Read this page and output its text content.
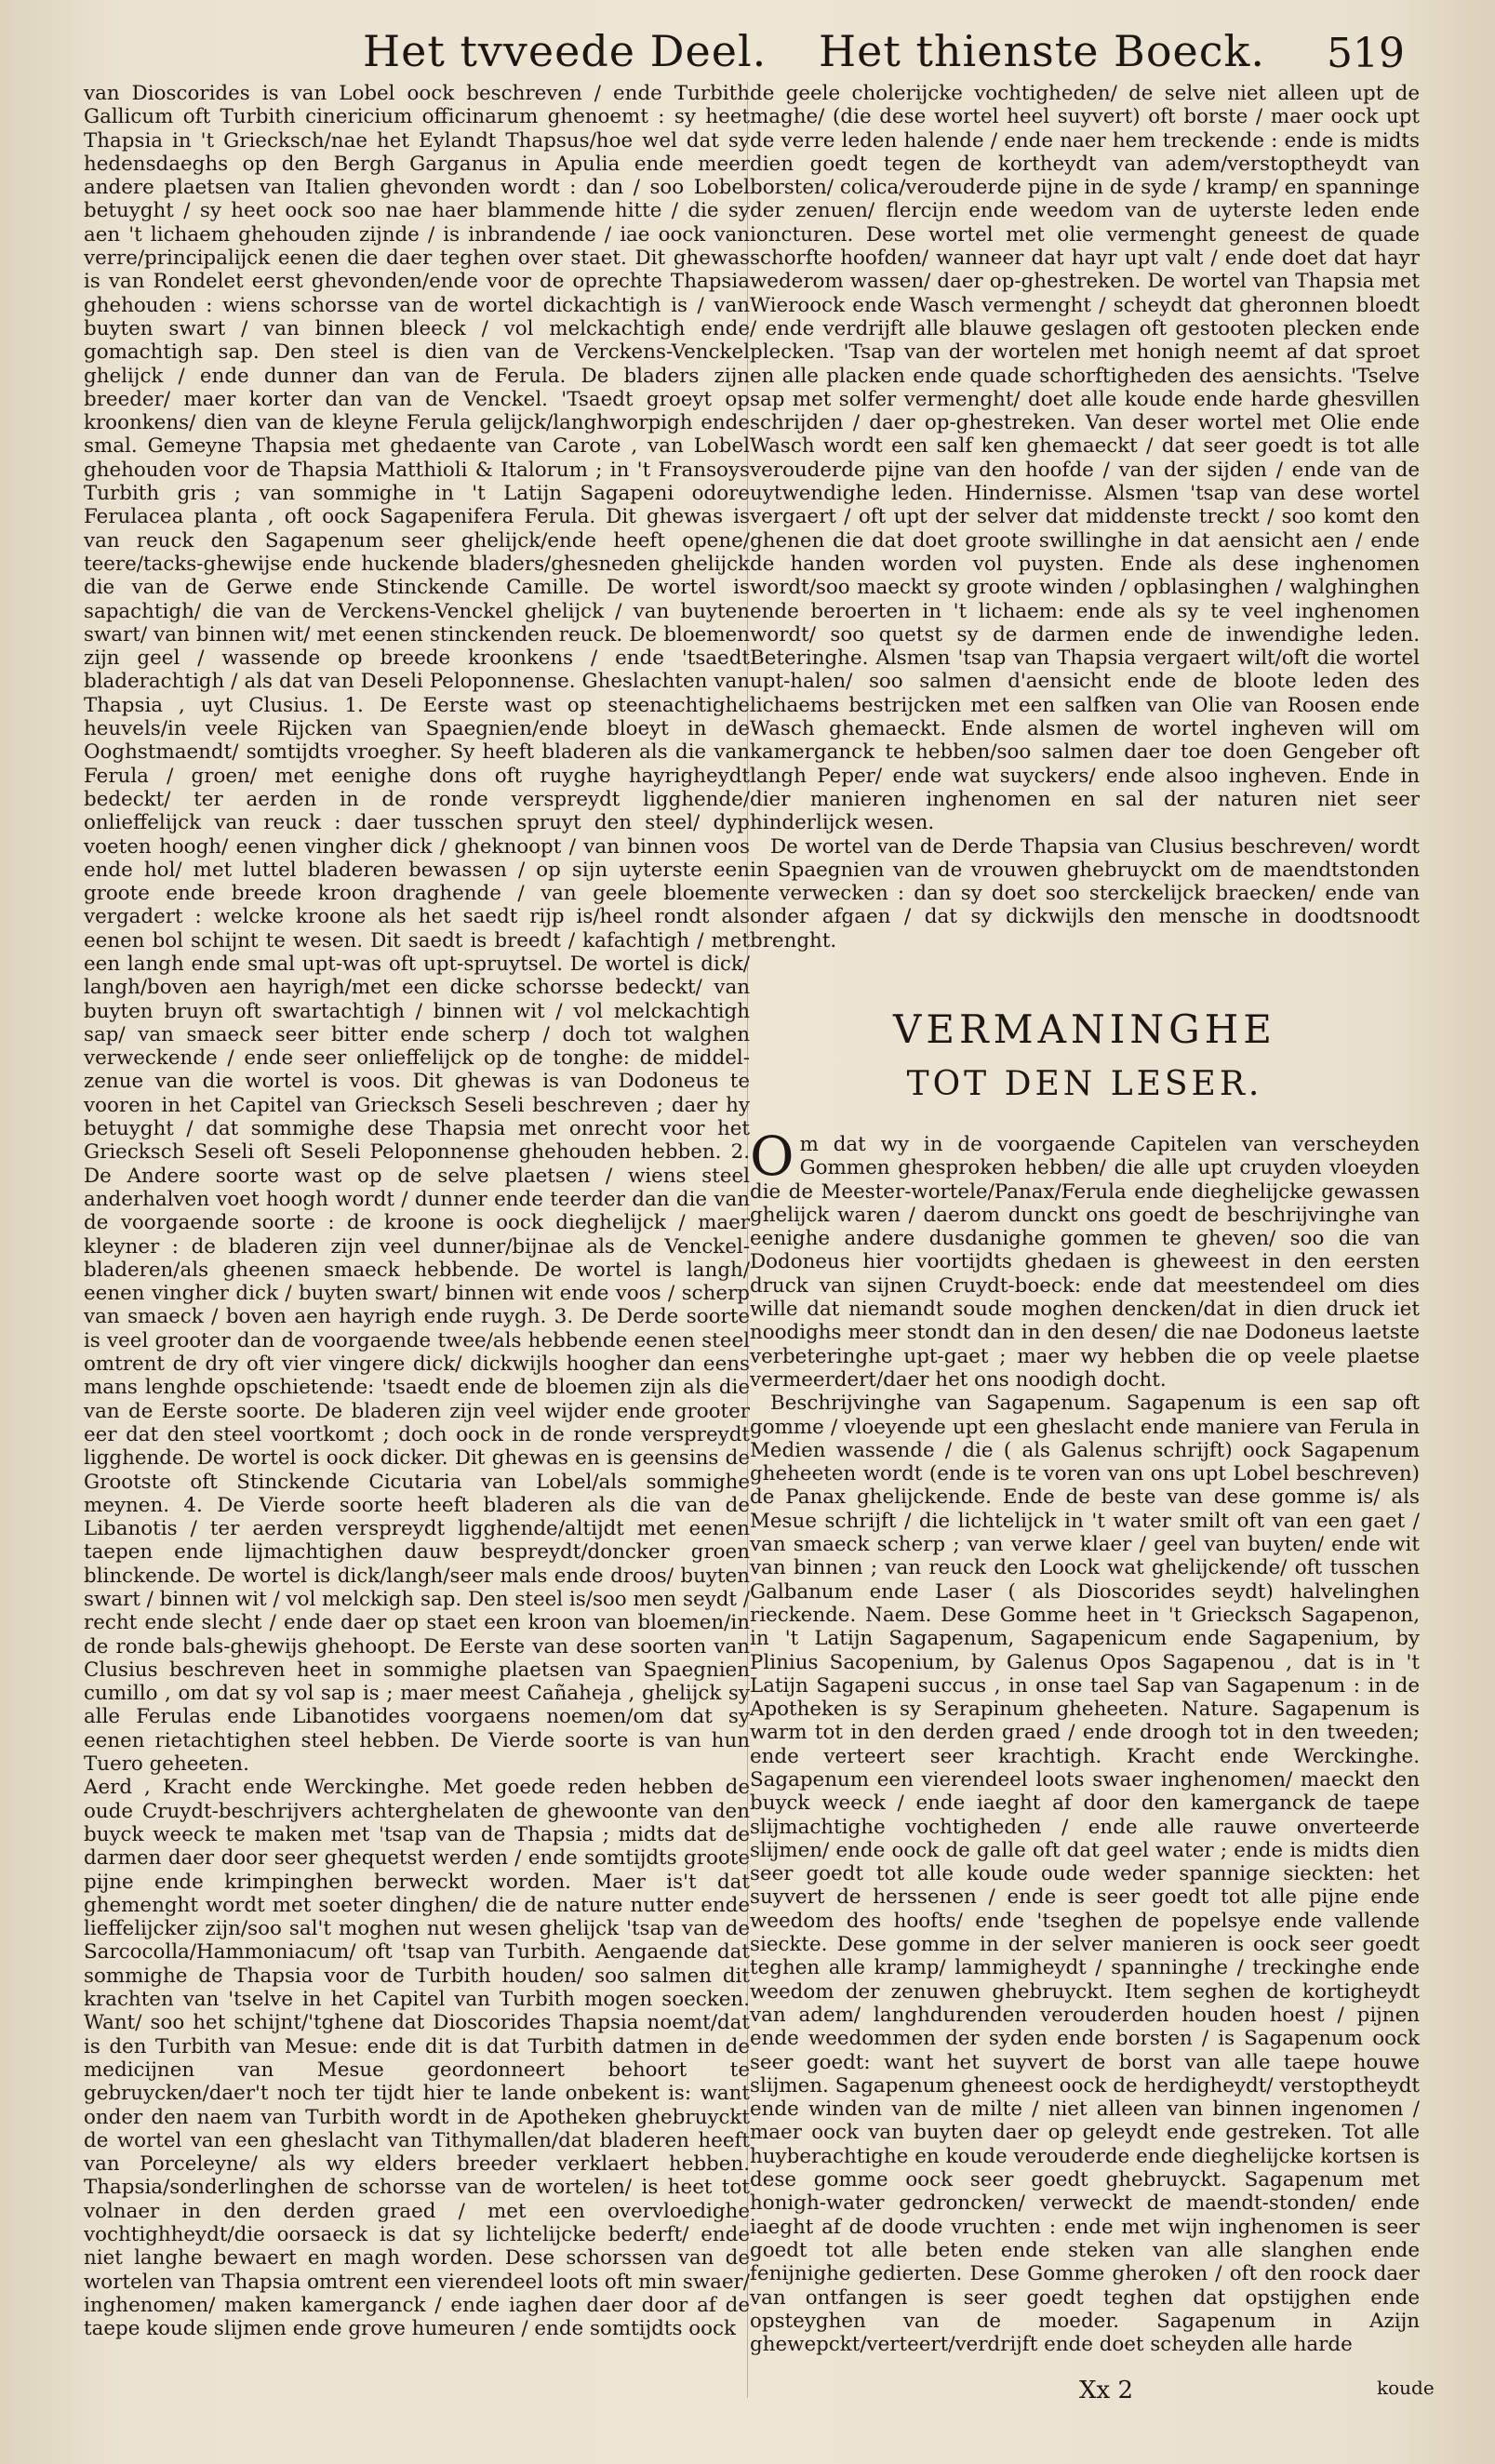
Het tvveede Deel. Het thienste Boeck. 519

van Dioscorides is van Lobel oock beschreven / ende Turbith Gallicum oft Turbith cinericium officinarum ghenoemt : sy heet Thapsia in 't Griecksch/nae het Eylandt Thapsus/hoe wel dat sy hedensdaeghs op den Bergh Garganus in Apulia ende meer andere plaetsen van Italien ghevonden wordt : dan / soo Lobel betuyght / sy heet oock soo nae haer blammende hitte / die sy aen 't lichaem ghehouden zijnde / is inbrandende / iae oock van verre/principalijck eenen die daer teghen over staet. Dit ghewas is van Rondelet eerst ghevonden/ende voor de oprechte Thapsia ghehouden : wiens schorsse van de wortel dickachtigh is / van buyten swart / van binnen bleeck / vol melckachtigh ende gomachtigh sap. Den steel is dien van de Verckens-Venckel ghelijck / ende dunner dan van de Ferula. De bladers zijn breeder/ maer korter dan van de Venckel. 'Tsaedt groeyt op kroonkens/ dien van de kleyne Ferula gelijck/langhworpigh ende smal. Gemeyne Thapsia met ghedaente van Carote , van Lobel ghehouden voor de Thapsia Matthioli & Italorum ; in 't Fransoys Turbith gris ; van sommighe in 't Latijn Sagapeni odore Ferulacea planta , oft oock Sagapenifera Ferula. Dit ghewas is van reuck den Sagapenum seer ghelijck/ende heeft opene/ teere/tacks-ghewijse ende huckende bladers/ghesneden ghelijck die van de Gerwe ende Stinckende Camille. De wortel is sapachtigh/ die van de Verckens-Venckel ghelijck / van buyten swart/ van binnen wit/ met eenen stinckenden reuck. De bloemen zijn geel / wassende op breede kroonkens / ende 'tsaedt bladerachtigh / als dat van Deseli Peloponnense. Gheslachten van Thapsia , uyt Clusius. 1. De Eerste wast op steenachtighe heuvels/in veele Rijcken van Spaegnien/ende bloeyt in de Ooghstmaendt/ somtijdts vroegher. Sy heeft bladeren als die van Ferula / groen/ met eenighe dons oft ruyghe hayrigheydt bedeckt/ ter aerden in de ronde verspreydt ligghende/ onlieffelijck van reuck : daer tusschen spruyt den steel/ dyp voeten hoogh/ eenen vingher dick / gheknoopt / van binnen voos ende hol/ met luttel bladeren bewassen / op sijn uyterste een groote ende breede kroon draghende / van geele bloemen vergadert : welcke kroone als het saedt rijp is/heel rondt als eenen bol schijnt te wesen. Dit saedt is breedt / kafachtigh / met een langh ende smal upt-was oft upt-spruytsel. De wortel is dick/ langh/boven aen hayrigh/met een dicke schorsse bedeckt/ van buyten bruyn oft swartachtigh / binnen wit / vol melckachtigh sap/ van smaeck seer bitter ende scherp / doch tot walghen verweckende / ende seer onlieffelijck op de tonghe: de middel-zenue van die wortel is voos. Dit ghewas is van Dodoneus te vooren in het Capitel van Griecksch Seseli beschreven ; daer hy betuyght / dat sommighe dese Thapsia met onrecht voor het Griecksch Seseli oft Seseli Peloponnense ghehouden hebben. 2. De Andere soorte wast op de selve plaetsen / wiens steel anderhalven voet hoogh wordt / dunner ende teerder dan die van de voorgaende soorte : de kroone is oock dieghelijck / maer kleyner : de bladeren zijn veel dunner/bijnae als de Venckel-bladeren/als gheenen smaeck hebbende. De wortel is langh/ eenen vingher dick / buyten swart/ binnen wit ende voos / scherp van smaeck / boven aen hayrigh ende ruygh. 3. De Derde soorte is veel grooter dan de voorgaende twee/als hebbende eenen steel omtrent de dry oft vier vingere dick/ dickwijls hoogher dan eens mans lenghde opschietende: 'tsaedt ende de bloemen zijn als die van de Eerste soorte. De bladeren zijn veel wijder ende grooter eer dat den steel voortkomt ; doch oock in de ronde verspreydt ligghende. De wortel is oock dicker. Dit ghewas en is geensins de Grootste oft Stinckende Cicutaria van Lobel/als sommighe meynen. 4. De Vierde soorte heeft bladeren als die van de Libanotis / ter aerden verspreydt ligghende/altijdt met eenen taepen ende lijmachtighen dauw bespreydt/doncker groen blinckende. De wortel is dick/langh/seer mals ende droos/ buyten swart / binnen wit / vol melckigh sap. Den steel is/soo men seydt / recht ende slecht / ende daer op staet een kroon van bloemen/in de ronde bals-ghewijs ghehoopt. De Eerste van dese soorten van Clusius beschreven heet in sommighe plaetsen van Spaegnien cumillo , om dat sy vol sap is ; maer meest Cañaheja , ghelijck sy alle Ferulas ende Libanotides voorgaens noemen/om dat sy eenen rietachtighen steel hebben. De Vierde soorte is van hun Tuero geheeten.

Aerd , Kracht ende Werckinghe. Met goede reden hebben de oude Cruydt-beschrijvers achterghelaten de ghewoonte van den buyck weeck te maken met 'tsap van de Thapsia ; midts dat de darmen daer door seer ghequetst werden / ende somtijdts groote pijne ende krimpinghen berweckt worden. Maer is't dat ghemenght wordt met soeter dinghen/ die de nature nutter ende lieffelijcker zijn/soo sal't moghen nut wesen ghelijck 'tsap van de Sarcocolla/Hammoniacum/ oft 'tsap van Turbith. Aengaende dat sommighe de Thapsia voor de Turbith houden/ soo salmen dit krachten van 'tselve in het Capitel van Turbith mogen soecken. Want/ soo het schijnt/'tghene dat Dioscorides Thapsia noemt/dat is den Turbith van Mesue: ende dit is dat Turbith datmen in de medicijnen van Mesue geordonneert behoort te gebruycken/daer't noch ter tijdt hier te lande onbekent is: want onder den naem van Turbith wordt in de Apotheken ghebruyckt de wortel van een gheslacht van Tithymallen/dat bladeren heeft van Porceleyne/ als wy elders breeder verklaert hebben. Thapsia/sonderlinghen de schorsse van de wortelen/ is heet tot volnaer in den derden graed / met een overvloedighe vochtighheydt/die oorsaeck is dat sy lichtelijcke bederft/ ende niet langhe bewaert en magh worden. Dese schorssen van de wortelen van Thapsia omtrent een vierendeel loots oft min swaer/ inghenomen/ maken kamerganck / ende iaghen daer door af de taepe koude slijmen ende grove humeuren / ende somtijdts oock

de geele cholerijcke vochtigheden/ de selve niet alleen upt de maghe/ (die dese wortel heel suyvert) oft borste / maer oock upt de verre leden halende / ende naer hem treckende : ende is midts dien goedt tegen de kortheydt van adem/verstoptheydt van borsten/ colica/verouderde pijne in de syde / kramp/ en spanninge der zenuen/ flercijn ende weedom van de uyterste leden ende ioncturen. Dese wortel met olie vermenght geneest de quade schorfte hoofden/ wanneer dat hayr upt valt / ende doet dat hayr wederom wassen/ daer op-ghestreken. De wortel van Thapsia met Wieroock ende Wasch vermenght / scheydt dat gheronnen bloedt / ende verdrijft alle blauwe geslagen oft gestooten plecken ende plecken. 'Tsap van der wortelen met honigh neemt af dat sproet en alle placken ende quade schorftigheden des aensichts. 'Tselve sap met solfer vermenght/ doet alle koude ende harde ghesvillen schrijden / daer op-ghestreken. Van deser wortel met Olie ende Wasch wordt een salf ken ghemaeckt / dat seer goedt is tot alle verouderde pijne van den hoofde / van der sijden / ende van de uytwendighe leden. Hindernisse. Alsmen 'tsap van dese wortel vergaert / oft upt der selver dat middenste treckt / soo komt den ghenen die dat doet groote swillinghe in dat aensicht aen / ende de handen worden vol puysten. Ende als dese inghenomen wordt/soo maeckt sy groote winden / opblasinghen / walghinghen ende beroerten in 't lichaem: ende als sy te veel inghenomen wordt/ soo quetst sy de darmen ende de inwendighe leden. Beteringhe. Alsmen 'tsap van Thapsia vergaert wilt/oft die wortel upt-halen/ soo salmen d'aensicht ende de bloote leden des lichaems bestrijcken met een salfken van Olie van Roosen ende Wasch ghemaeckt. Ende alsmen de wortel ingheven will om kamerganck te hebben/soo salmen daer toe doen Gengeber oft langh Peper/ ende wat suyckers/ ende alsoo ingheven. Ende in dier manieren inghenomen en sal der naturen niet seer hinderlijck wesen.

De wortel van de Derde Thapsia van Clusius beschreven/ wordt in Spaegnien van de vrouwen ghebruyckt om de maendtstonden te verwecken : dan sy doet soo sterckelijck braecken/ ende van onder afgaen / dat sy dickwijls den mensche in doodtsnoodt brenght.

VERMANINGHE
TOT DEN LESER.

Om dat wy in de voorgaende Capitelen van verscheyden Gommen ghesproken hebben/ die alle upt cruyden vloeyden die de Meester-wortele/Panax/Ferula ende dieghelijcke gewassen ghelijck waren / daerom dunckt ons goedt de beschrijvinghe van eenighe andere dusdanighe gommen te gheven/ soo die van Dodoneus hier voortijdts ghedaen is gheweest in den eersten druck van sijnen Cruydt-boeck: ende dat meestendeel om dies wille dat niemandt soude moghen dencken/dat in dien druck iet noodighs meer stondt dan in den desen/ die nae Dodoneus laetste verbeteringhe upt-gaet ; maer wy hebben die op veele plaetse vermeerdert/daer het ons noodigh docht.

Beschrijvinghe van Sagapenum. Sagapenum is een sap oft gomme / vloeyende upt een gheslacht ende maniere van Ferula in Medien wassende / die ( als Galenus schrijft) oock Sagapenum gheheeten wordt (ende is te voren van ons upt Lobel beschreven) de Panax ghelijckende. Ende de beste van dese gomme is/ als Mesue schrijft / die lichtelijck in 't water smilt oft van een gaet / van smaeck scherp ; van verwe klaer / geel van buyten/ ende wit van binnen ; van reuck den Loock wat ghelijckende/ oft tusschen Galbanum ende Laser ( als Dioscorides seydt) halvelinghen rieckende. Naem. Dese Gomme heet in 't Griecksch Sagapenon, in 't Latijn Sagapenum, Sagapenicum ende Sagapenium, by Plinius Sacopenium, by Galenus Opos Sagapenou , dat is in 't Latijn Sagapeni succus , in onse tael Sap van Sagapenum : in de Apotheken is sy Serapinum gheheeten. Nature. Sagapenum is warm tot in den derden graed / ende droogh tot in den tweeden; ende verteert seer krachtigh. Kracht ende Werckinghe. Sagapenum een vierendeel loots swaer inghenomen/ maeckt den buyck weeck / ende iaeght af door den kamerganck de taepe slijmachtighe vochtigheden / ende alle rauwe onverteerde slijmen/ ende oock de galle oft dat geel water ; ende is midts dien seer goedt tot alle koude oude weder spannige sieckten: het suyvert de herssenen / ende is seer goedt tot alle pijne ende weedom des hoofts/ ende 'tseghen de popelsye ende vallende sieckte. Dese gomme in der selver manieren is oock seer goedt teghen alle kramp/ lammigheydt / spanninghe / treckinghe ende weedom der zenuwen ghebruyckt. Item seghen de kortigheydt van adem/ langhdurenden verouderden houden hoest / pijnen ende weedommen der syden ende borsten / is Sagapenum oock seer goedt: want het suyvert de borst van alle taepe houwe slijmen. Sagapenum gheneest oock de herdigheydt/ verstoptheydt ende winden van de milte / niet alleen van binnen ingenomen / maer oock van buyten daer op geleydt ende gestreken. Tot alle huyberachtighe en koude verouderde ende dieghelijcke kortsen is dese gomme oock seer goedt ghebruyckt. Sagapenum met honigh-water gedroncken/ verweckt de maendt-stonden/ ende iaeght af de doode vruchten : ende met wijn inghenomen is seer goedt tot alle beten ende steken van alle slanghen ende fenijnighe gedierten. Dese Gomme gheroken / oft den roock daer van ontfangen is seer goedt teghen dat opstijghen ende opsteyghen van de moeder. Sagapenum in Azijn ghewepckt/verteert/verdrijft ende doet scheyden alle harde

Xx 2	koude
